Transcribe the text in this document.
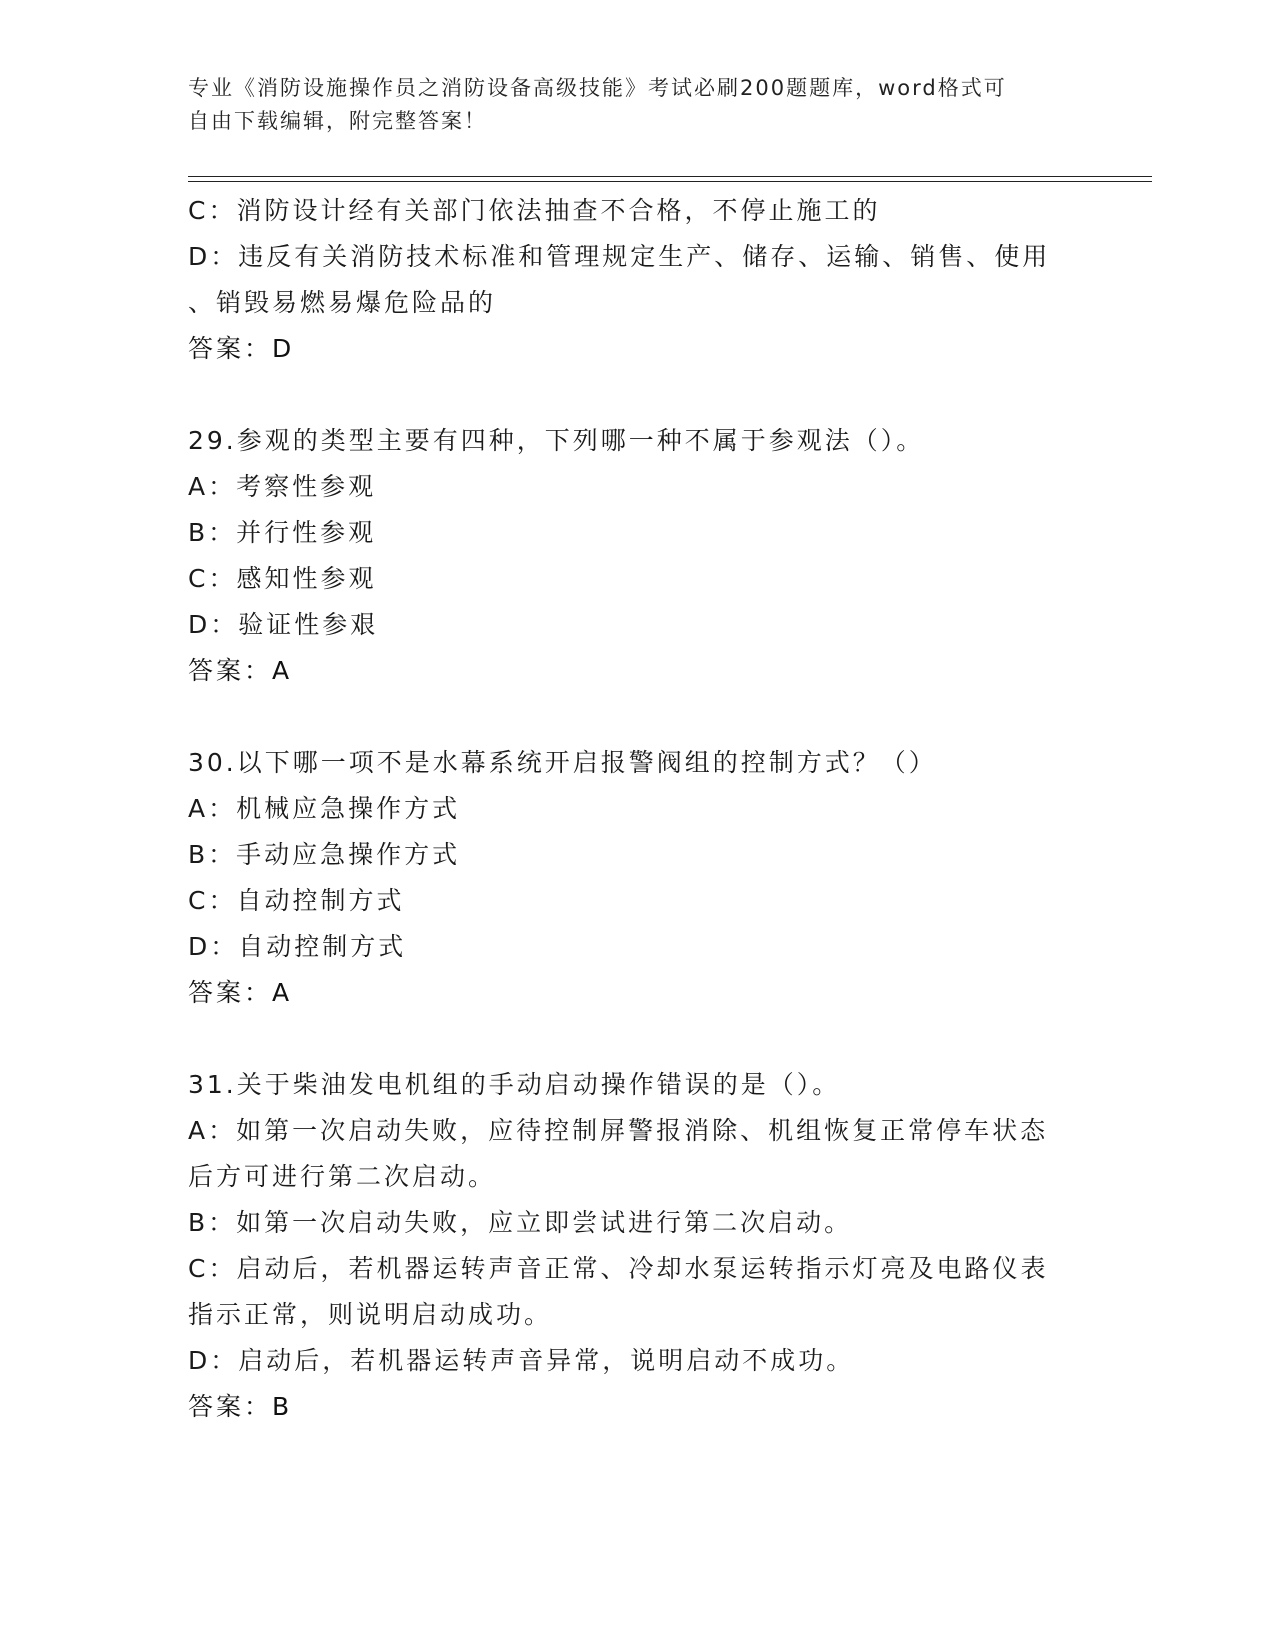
专业《消防设施操作员之消防设备高级技能》考试必刷200题题库，word格式可
自由下载编辑，附完整答案！
C：消防设计经有关部门依法抽查不合格，不停止施工的
D：违反有关消防技术标准和管理规定生产、储存、运输、销售、使用
、销毁易燃易爆危险品的
答案：D
29.参观的类型主要有四种，下列哪一种不属于参观法（）。
A：考察性参观
B：并行性参观
C：感知性参观
D：验证性参艰
答案：A
30.以下哪一项不是水幕系统开启报警阀组的控制方式？（）
A：机械应急操作方式
B：手动应急操作方式
C：自动控制方式
D：自动控制方式
答案：A
31.关于柴油发电机组的手动启动操作错误的是（）。
A：如第一次启动失败，应待控制屏警报消除、机组恢复正常停车状态
后方可进行第二次启动。
B：如第一次启动失败，应立即尝试进行第二次启动。
C：启动后，若机器运转声音正常、冷却水泵运转指示灯亮及电路仪表
指示正常，则说明启动成功。
D：启动后，若机器运转声音异常，说明启动不成功。
答案：B
